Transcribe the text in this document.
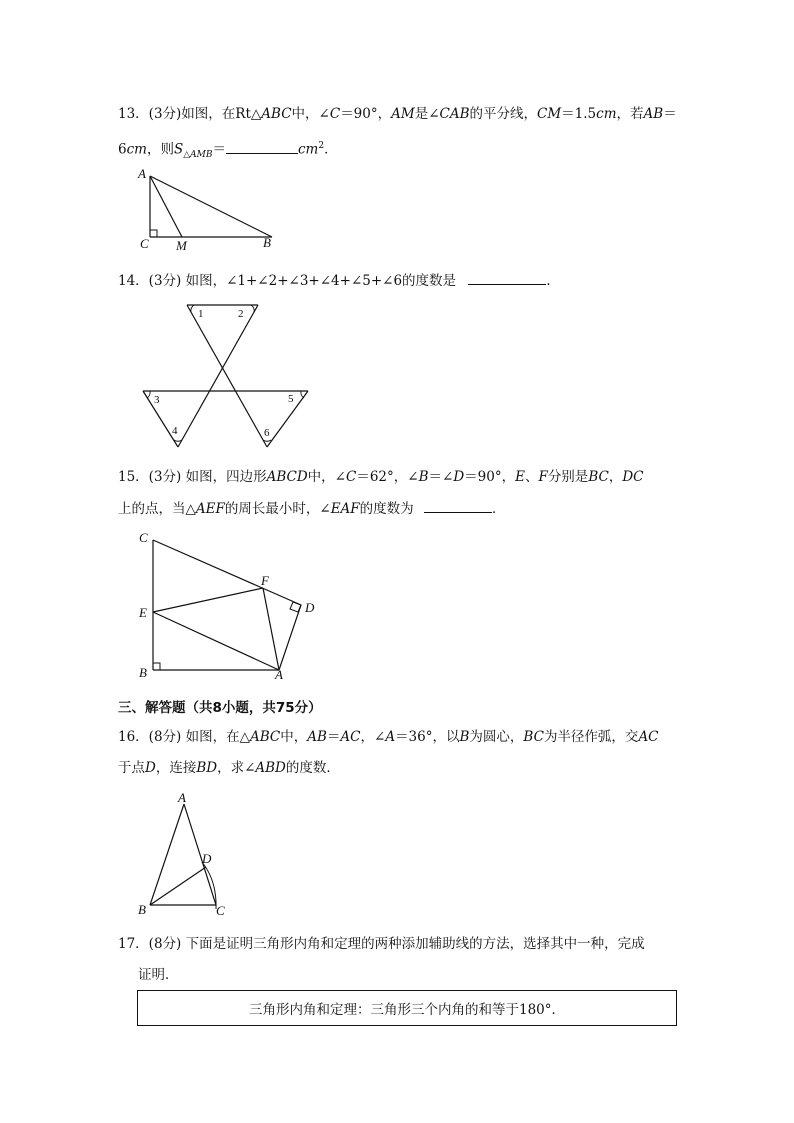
13．(3分)如图，在Rt△ABC中，∠C＝90°，AM是∠CAB的平分线，CM＝1.5cm，若AB＝
6cm，则$S_{\triangle AMB}=$	$cm^2$．
A
C M	B
14．(3分) 如图，∠1+∠2+∠3+∠4+∠5+∠6的度数是	．
1	2
3
4
5
6
15．(3分) 如图，四边形ABCD中，∠C＝62°，∠B＝∠D＝90°，E、F分别是BC，DC
上的点，当△AEF的周长最小时，∠EAF的度数为	．
C
F
D
E
B	A
三、解答题（共8小题，共75分）
16．(8分) 如图，在△ABC中，AB＝AC，∠A＝36°，以B为圆心，BC为半径作弧，交AC
于点D，连接BD，求∠ABD的度数．
A
D
B	C
17．(8分) 下面是证明三角形内角和定理的两种添加辅助线的方法，选择其中一种，完成
证明．
三角形内角和定理：三角形三个内角的和等于180°．
